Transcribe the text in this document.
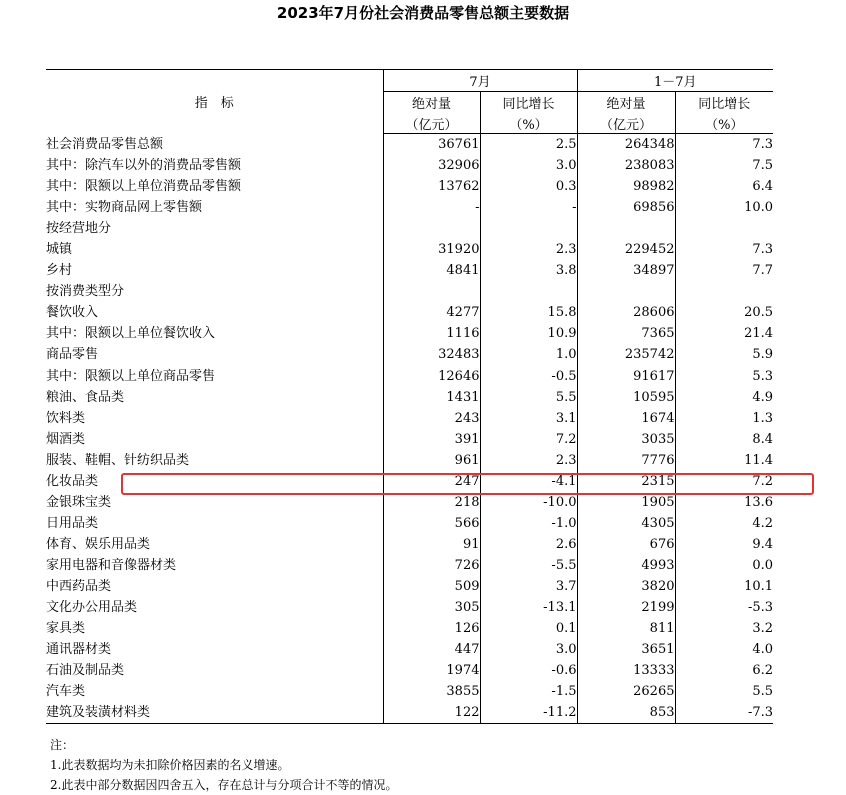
2023年7月份社会消费品零售总额主要数据
指　标	7月		1－7月	
	绝对量	同比增长	绝对量	同比增长
	（亿元）	（%）	（亿元）	（%）
社会消费品零售总额	36761	2.5	264348	7.3
其中：除汽车以外的消费品零售额	32906	3.0	238083	7.5
其中：限额以上单位消费品零售额	13762	0.3	98982	6.4
其中：实物商品网上零售额	-	-	69856	10.0
按经营地分				
城镇	31920	2.3	229452	7.3
乡村	4841	3.8	34897	7.7
按消费类型分				
餐饮收入	4277	15.8	28606	20.5
其中：限额以上单位餐饮收入	1116	10.9	7365	21.4
商品零售	32483	1.0	235742	5.9
其中：限额以上单位商品零售	12646	-0.5	91617	5.3
粮油、食品类	1431	5.5	10595	4.9
饮料类	243	3.1	1674	1.3
烟酒类	391	7.2	3035	8.4
服装、鞋帽、针纺织品类	961	2.3	7776	11.4
化妆品类	247	-4.1	2315	7.2
金银珠宝类	218	-10.0	1905	13.6
日用品类	566	-1.0	4305	4.2
体育、娱乐用品类	91	2.6	676	9.4
家用电器和音像器材类	726	-5.5	4993	0.0
中西药品类	509	3.7	3820	10.1
文化办公用品类	305	-13.1	2199	-5.3
家具类	126	0.1	811	3.2
通讯器材类	447	3.0	3651	4.0
石油及制品类	1974	-0.6	13333	6.2
汽车类	3855	-1.5	26265	5.5
建筑及装潢材料类	122	-11.2	853	-7.3
注：
1.此表数据均为未扣除价格因素的名义增速。
2.此表中部分数据因四舍五入，存在总计与分项合计不等的情况。
